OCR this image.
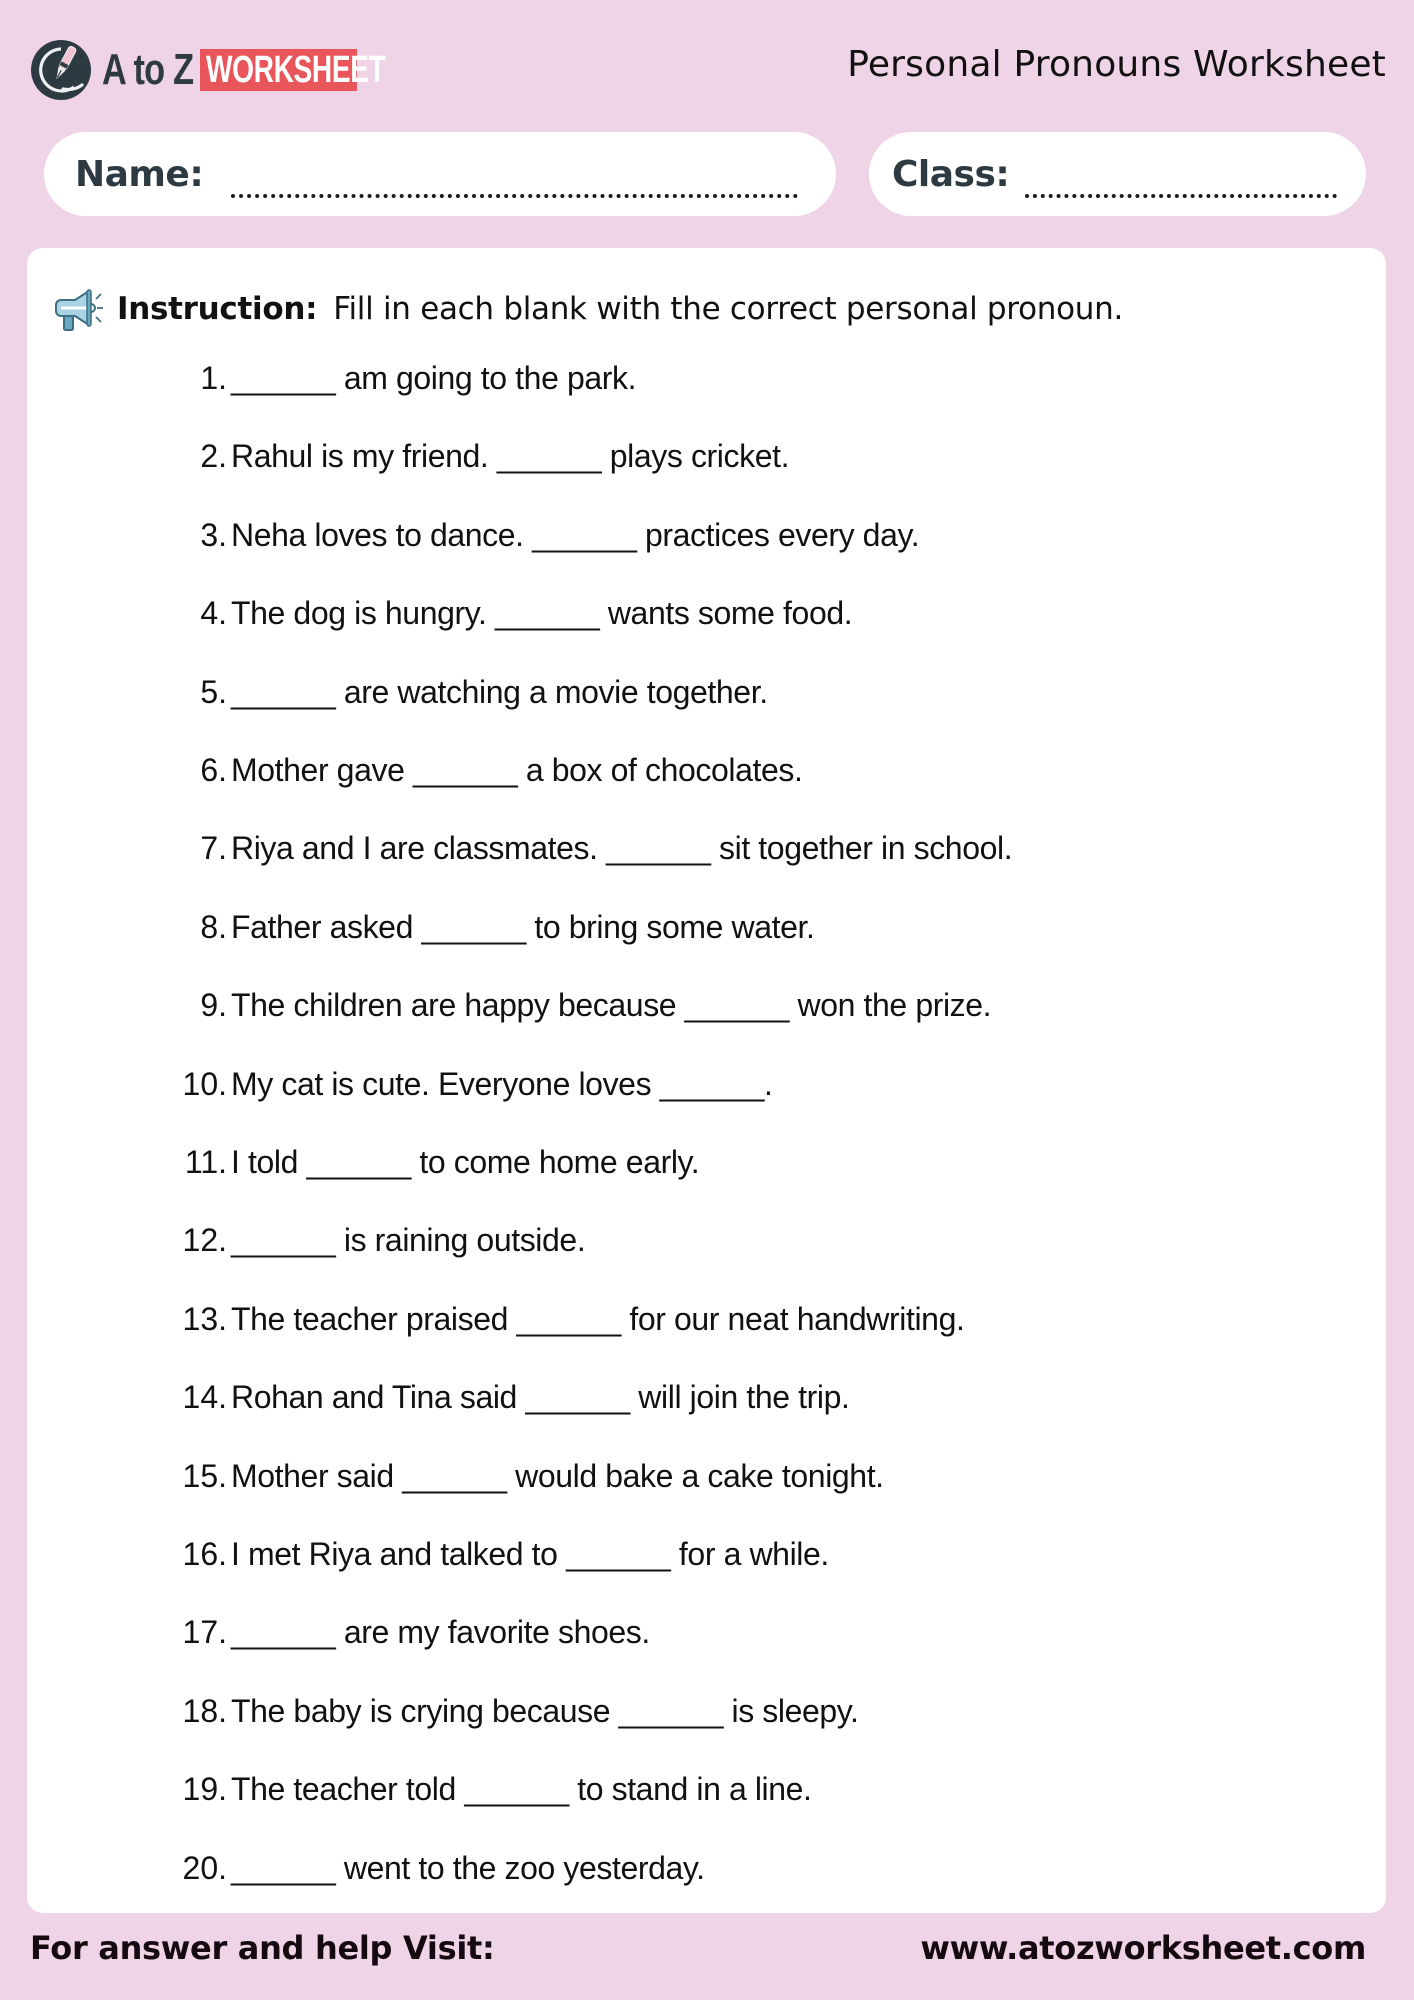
A to Z WORKSHEET	Personal Pronouns Worksheet
Name:	Class:
Instruction: Fill in each blank with the correct personal pronoun.
1. ______ am going to the park.
2. Rahul is my friend. ______ plays cricket.
3. Neha loves to dance. ______ practices every day.
4. The dog is hungry. ______ wants some food.
5. ______ are watching a movie together.
6. Mother gave ______ a box of chocolates.
7. Riya and I are classmates. ______ sit together in school.
8. Father asked ______ to bring some water.
9. The children are happy because ______ won the prize.
10. My cat is cute. Everyone loves ______.
11. I told ______ to come home early.
12. ______ is raining outside.
13. The teacher praised ______ for our neat handwriting.
14. Rohan and Tina said ______ will join the trip.
15. Mother said ______ would bake a cake tonight.
16. I met Riya and talked to ______ for a while.
17. ______ are my favorite shoes.
18. The baby is crying because ______ is sleepy.
19. The teacher told ______ to stand in a line.
20. ______ went to the zoo yesterday.
For answer and help Visit:	www.atozworksheet.com
